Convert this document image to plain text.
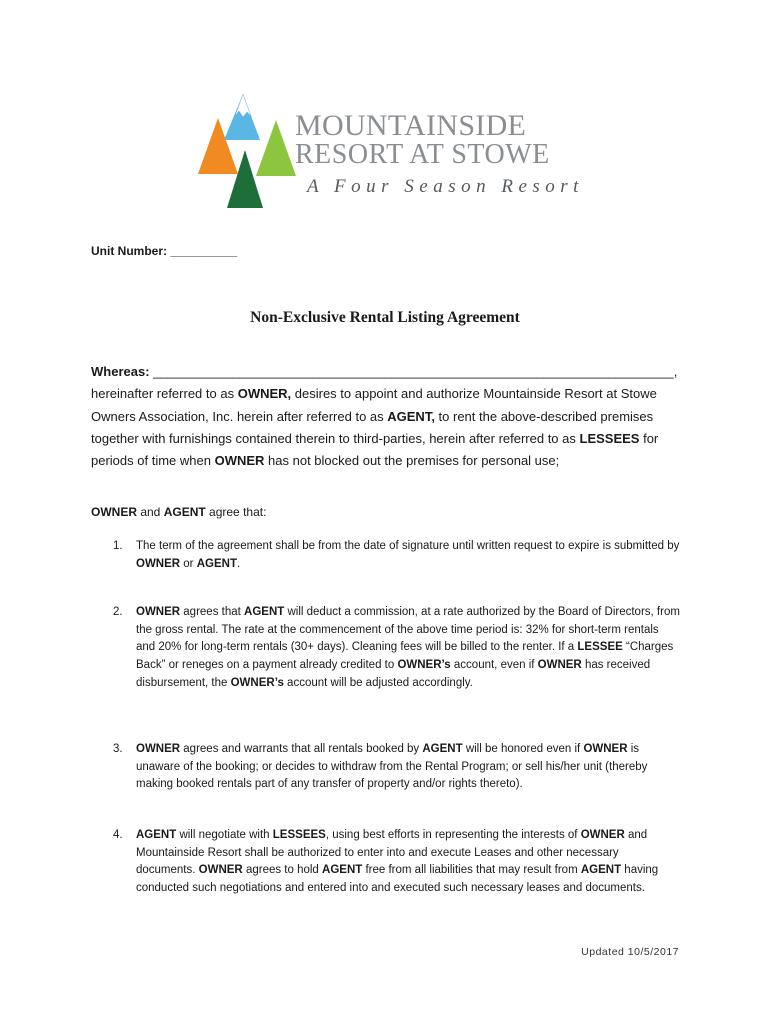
MOUNTAINSIDE
RESORT AT STOWE
A Four Season Resort
Unit Number: __________
Non-Exclusive Rental Listing Agreement
Whereas: ________________________________________________________________________,
hereinafter referred to as OWNER, desires to appoint and authorize Mountainside Resort at Stowe Owners Association, Inc. herein after referred to as AGENT, to rent the above-described premises together with furnishings contained therein to third-parties, herein after referred to as LESSEES for periods of time when OWNER has not blocked out the premises for personal use;
OWNER and AGENT agree that:
1. The term of the agreement shall be from the date of signature until written request to expire is submitted by OWNER or AGENT.
2. OWNER agrees that AGENT will deduct a commission, at a rate authorized by the Board of Directors, from the gross rental. The rate at the commencement of the above time period is: 32% for short-term rentals and 20% for long-term rentals (30+ days). Cleaning fees will be billed to the renter. If a LESSEE “Charges Back” or reneges on a payment already credited to OWNER’s account, even if OWNER has received disbursement, the OWNER’s account will be adjusted accordingly.
3. OWNER agrees and warrants that all rentals booked by AGENT will be honored even if OWNER is unaware of the booking; or decides to withdraw from the Rental Program; or sell his/her unit (thereby making booked rentals part of any transfer of property and/or rights thereto).
4. AGENT will negotiate with LESSEES, using best efforts in representing the interests of OWNER and Mountainside Resort shall be authorized to enter into and execute Leases and other necessary documents. OWNER agrees to hold AGENT free from all liabilities that may result from AGENT having conducted such negotiations and entered into and executed such necessary leases and documents.
Updated 10/5/2017
